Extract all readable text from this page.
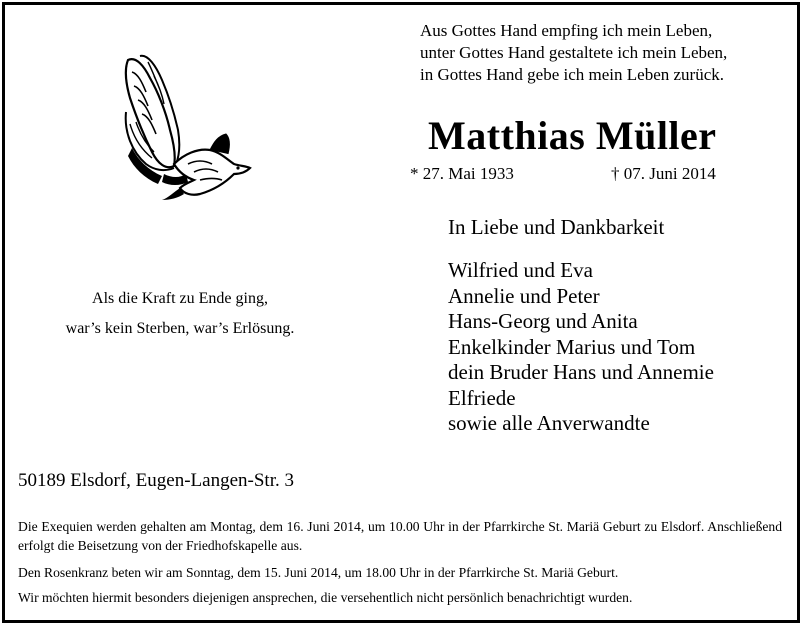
Aus Gottes Hand empfing ich mein Leben,
unter Gottes Hand gestaltete ich mein Leben,
in Gottes Hand gebe ich mein Leben zurück.
Matthias Müller
* 27. Mai 1933	† 07. Juni 2014
In Liebe und Dankbarkeit
Wilfried und Eva
Annelie und Peter
Hans-Georg und Anita
Enkelkinder Marius und Tom
dein Bruder Hans und Annemie
Elfriede
sowie alle Anverwandte
Als die Kraft zu Ende ging,
war’s kein Sterben, war’s Erlösung.
50189 Elsdorf, Eugen-Langen-Str. 3
Die Exequien werden gehalten am Montag, dem 16. Juni 2014, um 10.00 Uhr in der Pfarrkirche St. Mariä Geburt zu Elsdorf. Anschließend erfolgt die Beisetzung von der Friedhofskapelle aus.
Den Rosenkranz beten wir am Sonntag, dem 15. Juni 2014, um 18.00 Uhr in der Pfarrkirche St. Mariä Geburt.
Wir möchten hiermit besonders diejenigen ansprechen, die versehentlich nicht persönlich benachrichtigt wurden.
